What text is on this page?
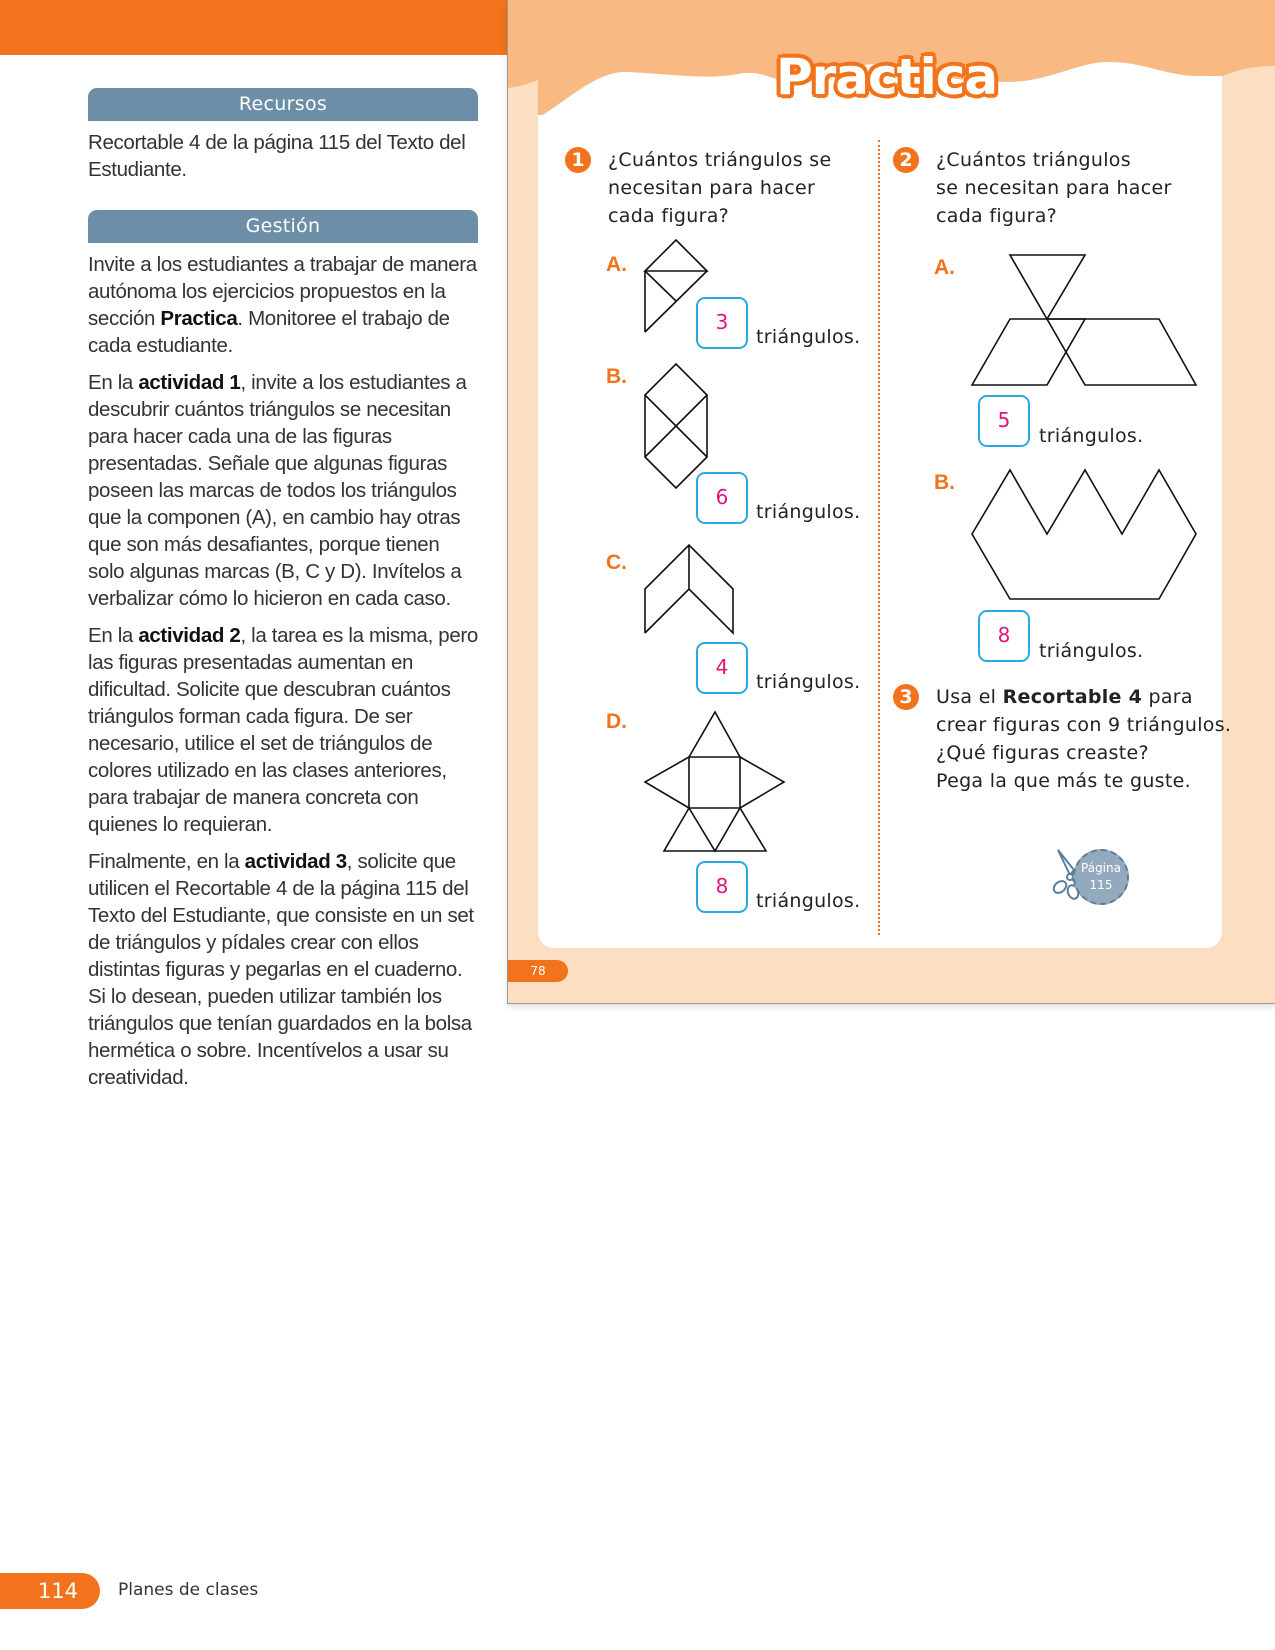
Recursos

Recortable 4 de la página 115 del Texto del Estudiante.

Gestión

Invite a los estudiantes a trabajar de manera autónoma los ejercicios propuestos en la sección Practica. Monitoree el trabajo de cada estudiante.

En la actividad 1, invite a los estudiantes a descubrir cuántos triángulos se necesitan para hacer cada una de las figuras presentadas. Señale que algunas figuras poseen las marcas de todos los triángulos que la componen (A), en cambio hay otras que son más desafiantes, porque tienen solo algunas marcas (B, C y D). Invítelos a verbalizar cómo lo hicieron en cada caso.

En la actividad 2, la tarea es la misma, pero las figuras presentadas aumentan en dificultad. Solicite que descubran cuántos triángulos forman cada figura. De ser necesario, utilice el set de triángulos de colores utilizado en las clases anteriores, para trabajar de manera concreta con quienes lo requieran.

Finalmente, en la actividad 3, solicite que utilicen el Recortable 4 de la página 115 del Texto del Estudiante, que consiste en un set de triángulos y pídales crear con ellos distintas figuras y pegarlas en el cuaderno. Si lo desean, pueden utilizar también los triángulos que tenían guardados en la bolsa hermética o sobre. Incentívelos a usar su creatividad.

Practica
1	¿Cuántos triángulos se
necesitan para hacer
cada figura?
A.
3
triángulos.
B.
6
triángulos.
C.
4
triángulos.
D.
8
triángulos.
2	¿Cuántos triángulos
se necesitan para hacer
cada figura?
A.
5
triángulos.
B.
8
triángulos.
3	Usa el Recortable 4 para
crear figuras con 9 triángulos.
¿Qué figuras creaste?
Pega la que más te guste.
Página
115
78
114	Planes de clases
